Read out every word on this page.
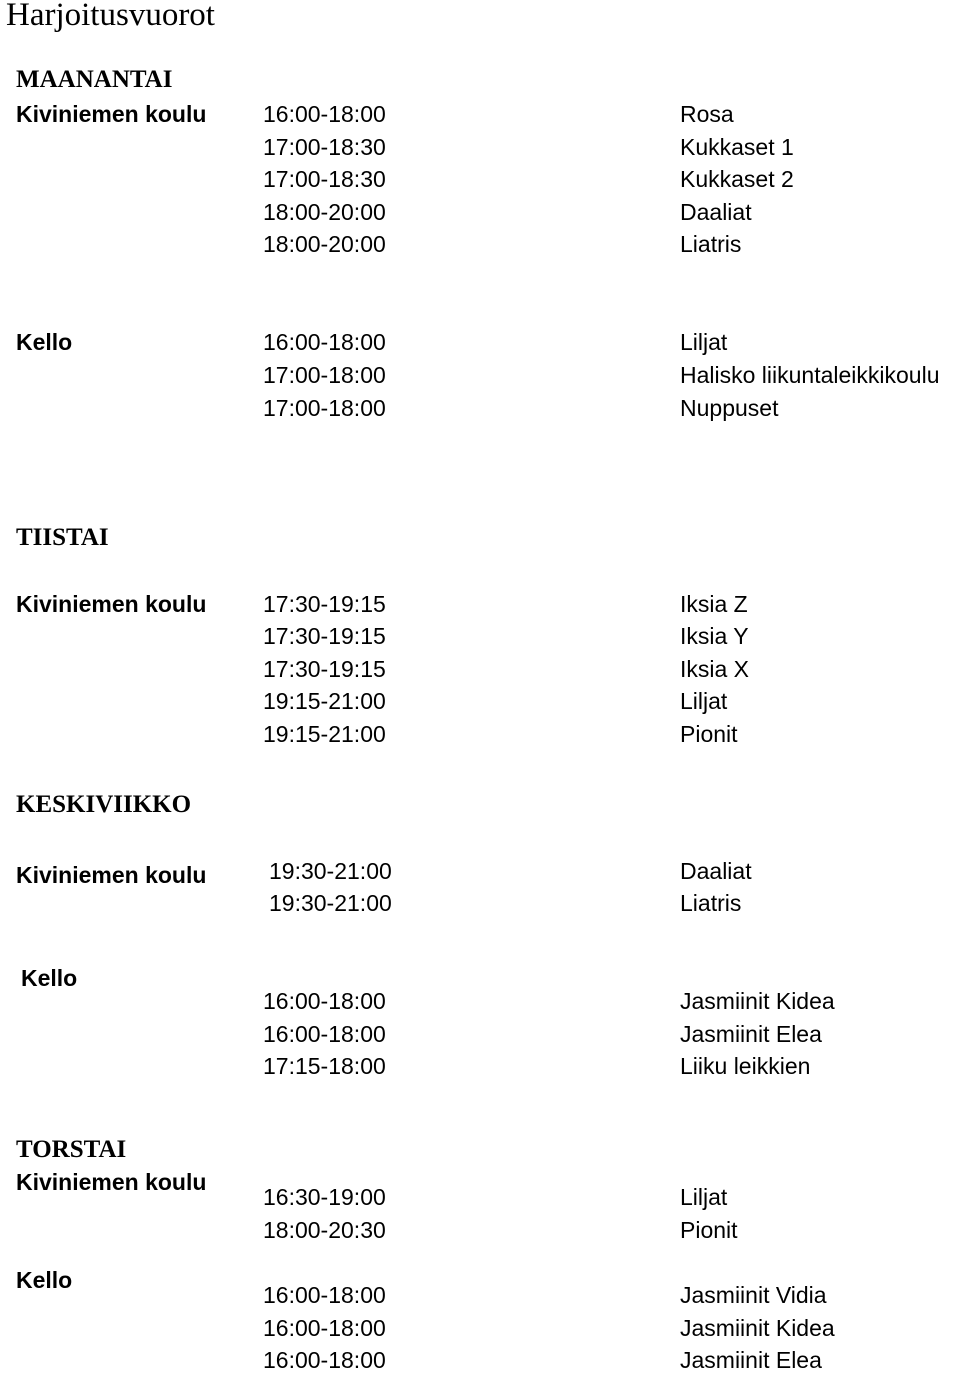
Harjoitusvuorot
MAANANTAI
Kiviniemen koulu 16:00-18:00	Rosa
17:00-18:30	Kukkaset 1
17:00-18:30	Kukkaset 2
18:00-20:00	Daaliat
18:00-20:00	Liatris
Kello	16:00-18:00	Liljat
17:00-18:00	Halisko liikuntaleikkikoulu
17:00-18:00	Nuppuset
TIISTAI
Kiviniemen koulu 17:30-19:15	Iksia Z
17:30-19:15	Iksia Y
17:30-19:15	Iksia X
19:15-21:00	Liljat
19:15-21:00	Pionit
KESKIVIIKKO
Kiviniemen koulu	19:30-21:00	Daaliat
19:30-21:00	Liatris
Kello
16:00-18:00	Jasmiinit Kidea
16:00-18:00	Jasmiinit Elea
17:15-18:00	Liiku leikkien
TORSTAI
Kiviniemen koulu
16:30-19:00	Liljat
18:00-20:30	Pionit
Kello
16:00-18:00	Jasmiinit Vidia
16:00-18:00	Jasmiinit Kidea
16:00-18:00	Jasmiinit Elea
